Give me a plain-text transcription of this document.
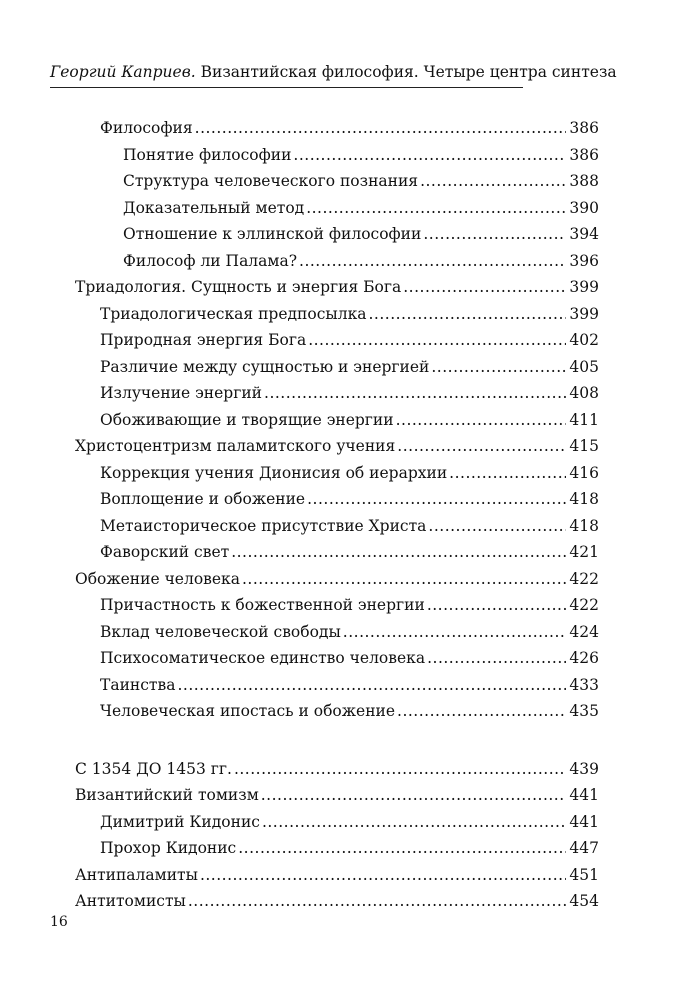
Георгий Каприев. Византийская философия. Четыре центра синтеза
Философия .....	386
Понятие философии .....	386
Структура человеческого познания .....	388
Доказательный метод .....	390
Отношение к эллинской философии .....	394
Философ ли Палама? .....	396
Триадология. Сущность и энергия Бога .....	399
Триадологическая предпосылка .....	399
Природная энергия Бога .....	402
Различие между сущностью и энергией .....	405
Излучение энергий .....	408
Обоживающие и творящие энергии .....	411
Христоцентризм паламитского учения .....	415
Коррекция учения Дионисия об иерархии .....	416
Воплощение и обожение .....	418
Метаисторическое присутствие Христа .....	418
Фаворский свет .....	421
Обожение человека .....	422
Причастность к божественной энергии .....	422
Вклад человеческой свободы .....	424
Психосоматическое единство человека .....	426
Таинства .....	433
Человеческая ипостась и обожение .....	435
С 1354 ДО 1453 гг. .....	439
Византийский томизм .....	441
Димитрий Кидонис .....	441
Прохор Кидонис .....	447
Антипаламиты .....	451
Антитомисты .....	454
16
